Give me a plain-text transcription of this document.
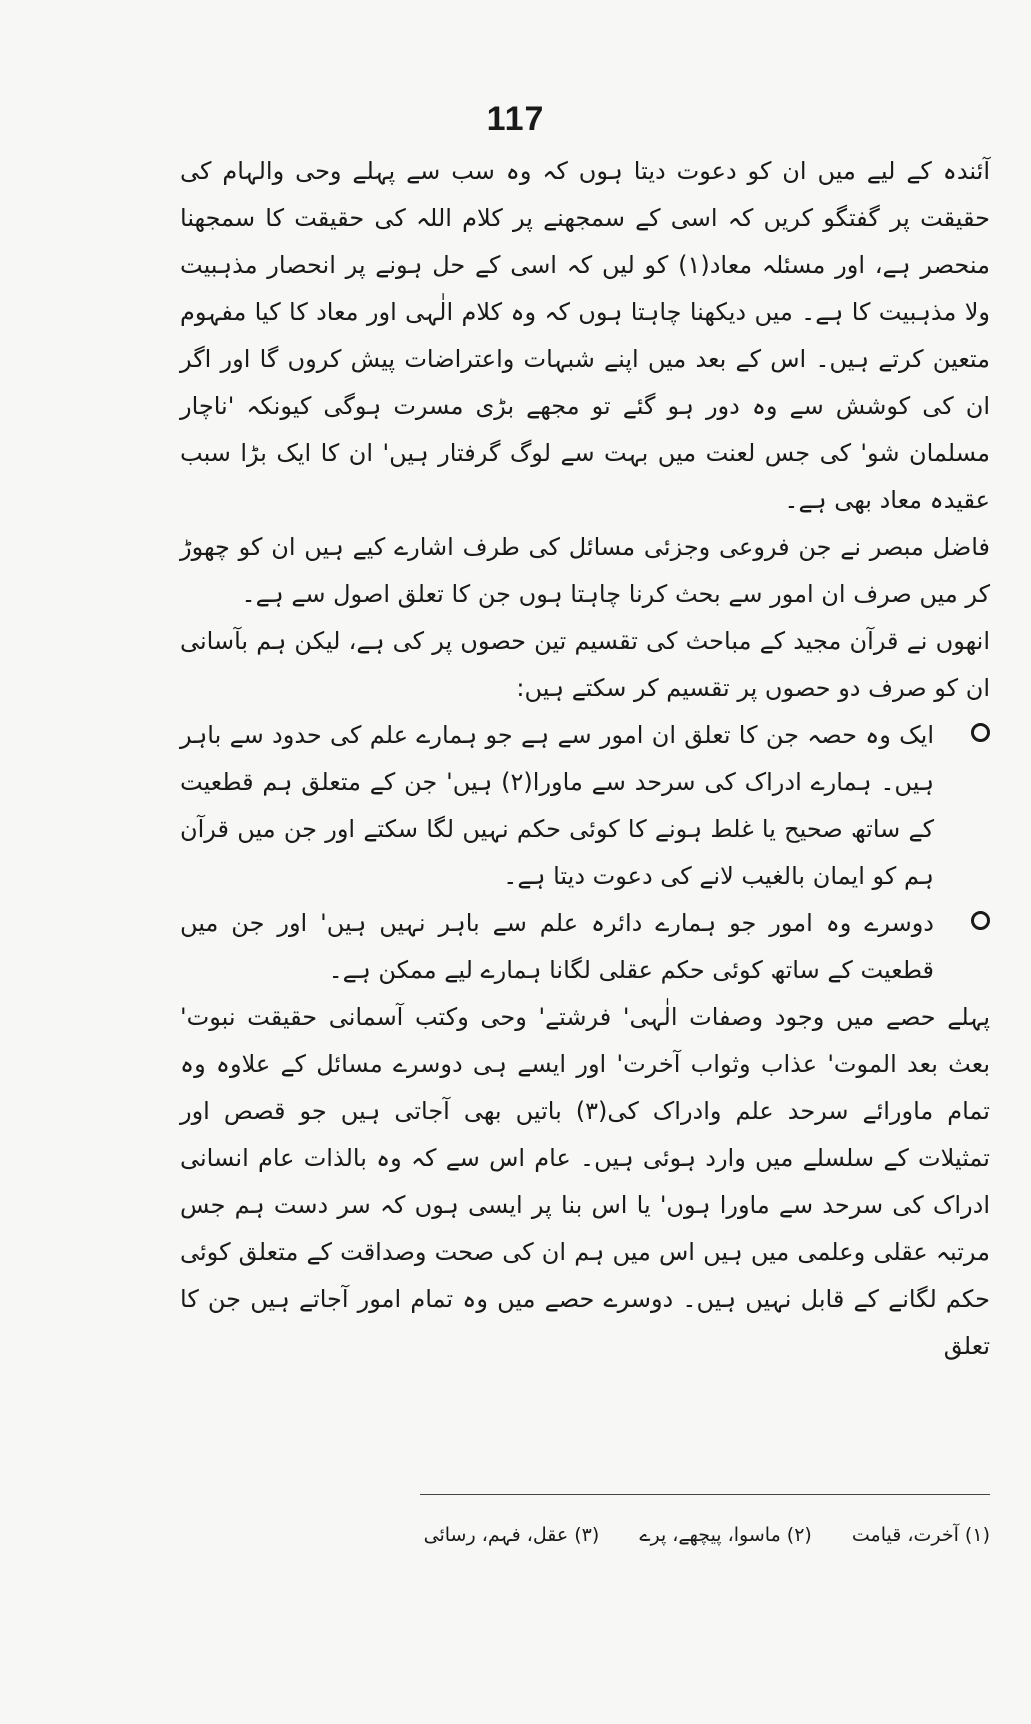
117

آئندہ کے لیے میں ان کو دعوت دیتا ہوں کہ وہ سب سے پہلے وحی والہام کی حقیقت پر گفتگو کریں کہ اسی کے سمجھنے پر کلام اللہ کی حقیقت کا سمجھنا منحصر ہے، اور مسئلہ معاد(۱) کو لیں کہ اسی کے حل ہونے پر انحصار مذہبیت ولا مذہبیت کا ہے۔ میں دیکھنا چاہتا ہوں کہ وہ کلام الٰہی اور معاد کا کیا مفہوم متعین کرتے ہیں۔ اس کے بعد میں اپنے شبہات واعتراضات پیش کروں گا اور اگر ان کی کوشش سے وہ دور ہو گئے تو مجھے بڑی مسرت ہوگی کیونکہ 'ناچار مسلمان شو' کی جس لعنت میں بہت سے لوگ گرفتار ہیں' ان کا ایک بڑا سبب عقیدہ معاد بھی ہے۔

فاضل مبصر نے جن فروعی وجزئی مسائل کی طرف اشارے کیے ہیں ان کو چھوڑ کر میں صرف ان امور سے بحث کرنا چاہتا ہوں جن کا تعلق اصول سے ہے۔

انھوں نے قرآن مجید کے مباحث کی تقسیم تین حصوں پر کی ہے، لیکن ہم بآسانی ان کو صرف دو حصوں پر تقسیم کر سکتے ہیں:

ایک وہ حصہ جن کا تعلق ان امور سے ہے جو ہمارے علم کی حدود سے باہر ہیں۔ ہمارے ادراک کی سرحد سے ماورا(۲) ہیں' جن کے متعلق ہم قطعیت کے ساتھ صحیح یا غلط ہونے کا کوئی حکم نہیں لگا سکتے اور جن میں قرآن ہم کو ایمان بالغیب لانے کی دعوت دیتا ہے۔
دوسرے وہ امور جو ہمارے دائرہ علم سے باہر نہیں ہیں' اور جن میں قطعیت کے ساتھ کوئی حکم عقلی لگانا ہمارے لیے ممکن ہے۔

پہلے حصے میں وجود وصفات الٰہی' فرشتے' وحی وکتب آسمانی حقیقت نبوت' بعث بعد الموت' عذاب وثواب آخرت' اور ایسے ہی دوسرے مسائل کے علاوہ وہ تمام ماورائے سرحد علم وادراک کی(۳) باتیں بھی آجاتی ہیں جو قصص اور تمثیلات کے سلسلے میں وارد ہوئی ہیں۔ عام اس سے کہ وہ بالذات عام انسانی ادراک کی سرحد سے ماورا ہوں' یا اس بنا پر ایسی ہوں کہ سر دست ہم جس مرتبہ عقلی وعلمی میں ہیں اس میں ہم ان کی صحت وصداقت کے متعلق کوئی حکم لگانے کے قابل نہیں ہیں۔ دوسرے حصے میں وہ تمام امور آجاتے ہیں جن کا تعلق

(۱) آخرت، قیامت (۲) ماسوا، پیچھے، پرے (۳) عقل، فہم، رسائی
